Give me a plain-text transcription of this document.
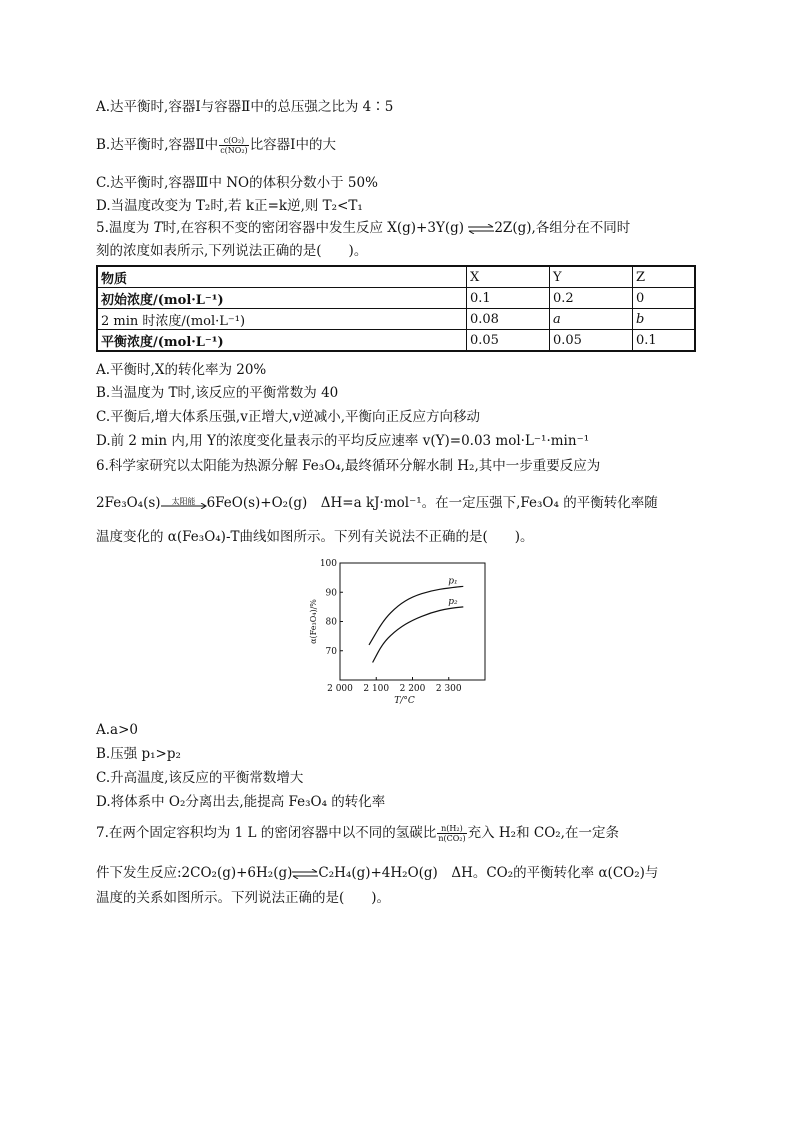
A.达平衡时,容器Ⅰ与容器Ⅱ中的总压强之比为 4∶5
B.达平衡时,容器Ⅱ中 $\frac{\text{c(O₂)}}{\text{c(NO₂)}}$ 比容器Ⅰ中的大
C.达平衡时,容器Ⅲ中 NO的体积分数小于 50%
D.当温度改变为 T₂时,若 k正=k逆,则 T₂<T₁
5.温度为 T时,在容积不变的密闭容器中发生反应 X(g)+3Y(g) ⇌2Z(g),各组分在不同时
刻的浓度如表所示,下列说法正确的是(　　)。
物质	X	Y	Z
初始浓度/(mol·L⁻¹)	0.1	0.2	0
2 min 时浓度/(mol·L⁻¹)	0.08	a	b
平衡浓度/(mol·L⁻¹)	0.05	0.05	0.1
A.平衡时,X的转化率为 20%
B.当温度为 T时,该反应的平衡常数为 40
C.平衡后,增大体系压强,v正增大,v逆减小,平衡向正反应方向移动
D.前 2 min 内,用 Y的浓度变化量表示的平均反应速率 v(Y)=0.03 mol·L⁻¹·min⁻¹
6.科学家研究以太阳能为热源分解 Fe₃O₄,最终循环分解水制 H₂,其中一步重要反应为
2Fe₃O₄(s)	太阳能 6FeO(s)+O₂(g)　ΔH=a kJ·mol⁻¹。在一定压强下,Fe₃O₄ 的平衡转化率随
温度变化的 α(Fe₃O₄)-T曲线如图所示。下列有关说法不正确的是(　　)。
2 000 2 100 2 200 2 300
100
90
80
70
T/°C
α(Fe₃O₄)/%
p₁
p₂
A.a>0
B.压强 p₁>p₂
C.升高温度,该反应的平衡常数增大
D.将体系中 O₂分离出去,能提高 Fe₃O₄ 的转化率
7.在两个固定容积均为 1 L 的密闭容器中以不同的氢碳比 $\frac{\text{n(H₂)}}{\text{n(CO₂)}}$ 充入 H₂和 CO₂,在一定条
件下发生反应:2CO₂(g)+6H₂(g)⇌C₂H₄(g)+4H₂O(g)　ΔH。CO₂的平衡转化率 α(CO₂)与
温度的关系如图所示。下列说法正确的是(　　)。
